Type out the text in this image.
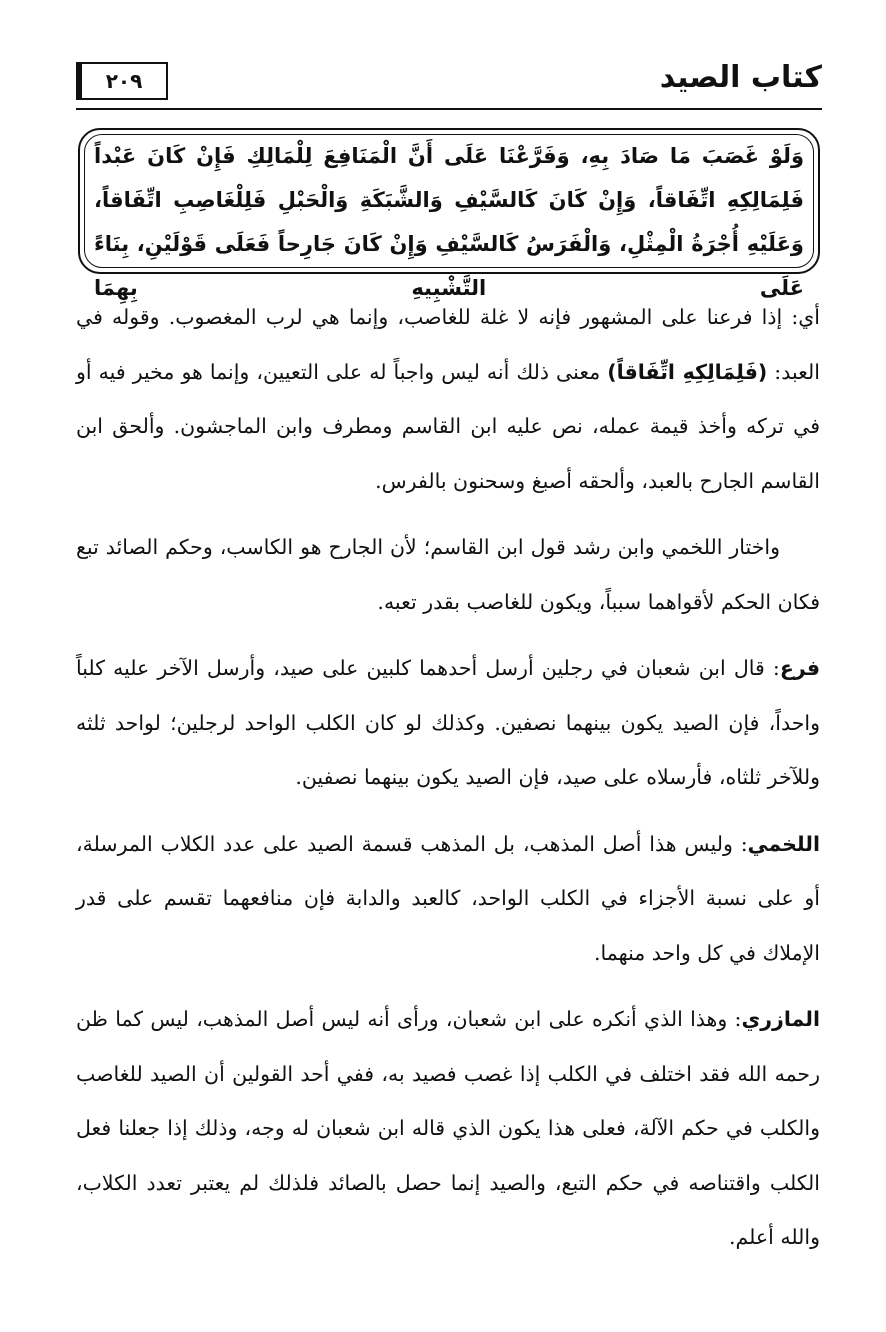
٢٠٩	كتاب الصيد

وَلَوْ غَصَبَ مَا صَادَ بِهِ، وَفَرَّعْنَا عَلَى أَنَّ الْمَنَافِعَ لِلْمَالِكِ فَإِنْ كَانَ عَبْداً فَلِمَالِكِهِ اتِّفَاقاً، وَإِنْ كَانَ كَالسَّيْفِ وَالشَّبَكَةِ وَالْحَبْلِ فَلِلْغَاصِبِ اتِّفَاقاً، وَعَلَيْهِ أُجْرَةُ الْمِثْلِ، وَالْفَرَسُ كَالسَّيْفِ وَإِنْ كَانَ جَارِحاً فَعَلَى قَوْلَيْنِ، بِنَاءً عَلَى التَّشْبِيهِ بِهِمَا

أي: إذا فرعنا على المشهور فإنه لا غلة للغاصب، وإنما هي لرب المغصوب. وقوله في العبد: (فَلِمَالِكِهِ اتِّفَاقاً) معنى ذلك أنه ليس واجباً له على التعيين، وإنما هو مخير فيه أو في تركه وأخذ قيمة عمله، نص عليه ابن القاسم ومطرف وابن الماجشون. وألحق ابن القاسم الجارح بالعبد، وألحقه أصبغ وسحنون بالفرس.

واختار اللخمي وابن رشد قول ابن القاسم؛ لأن الجارح هو الكاسب، وحكم الصائد تبع فكان الحكم لأقواهما سبباً، ويكون للغاصب بقدر تعبه.

فرع: قال ابن شعبان في رجلين أرسل أحدهما كلبين على صيد، وأرسل الآخر عليه كلباً واحداً، فإن الصيد يكون بينهما نصفين. وكذلك لو كان الكلب الواحد لرجلين؛ لواحد ثلثه وللآخر ثلثاه، فأرسلاه على صيد، فإن الصيد يكون بينهما نصفين.

اللخمي: وليس هذا أصل المذهب، بل المذهب قسمة الصيد على عدد الكلاب المرسلة، أو على نسبة الأجزاء في الكلب الواحد، كالعبد والدابة فإن منافعهما تقسم على قدر الإملاك في كل واحد منهما.

المازري: وهذا الذي أنكره على ابن شعبان، ورأى أنه ليس أصل المذهب، ليس كما ظن رحمه الله فقد اختلف في الكلب إذا غصب فصيد به، ففي أحد القولين أن الصيد للغاصب والكلب في حكم الآلة، فعلى هذا يكون الذي قاله ابن شعبان له وجه، وذلك إذا جعلنا فعل الكلب واقتناصه في حكم التبع، والصيد إنما حصل بالصائد فلذلك لم يعتبر تعدد الكلاب، والله أعلم.
